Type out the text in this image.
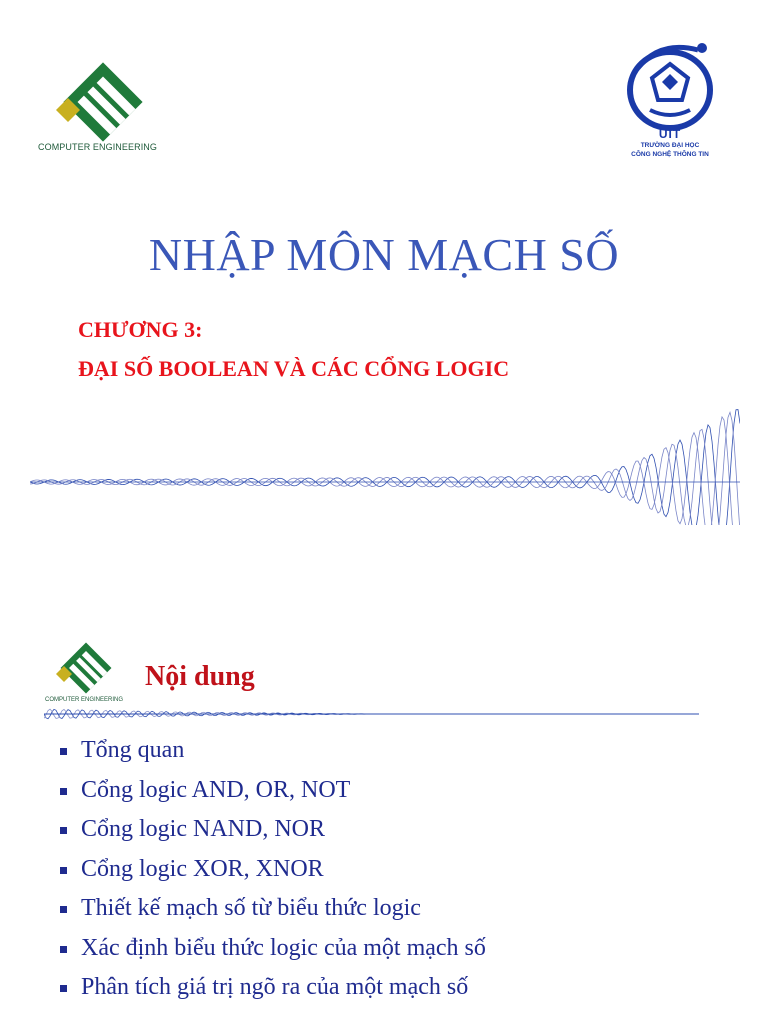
COMPUTER ENGINEERING
UIT
TRƯỜNG ĐẠI HỌC
CÔNG NGHỆ THÔNG TIN
NHẬP MÔN MẠCH SỐ
CHƯƠNG 3:
ĐẠI SỐ BOOLEAN VÀ CÁC CỔNG LOGIC
COMPUTER ENGINEERING
Nội dung
Tổng quan
Cổng logic AND, OR, NOT
Cổng logic NAND, NOR
Cổng logic XOR, XNOR
Thiết kế mạch số từ biểu thức logic
Xác định biểu thức logic của một mạch số
Phân tích giá trị ngõ ra của một mạch số
